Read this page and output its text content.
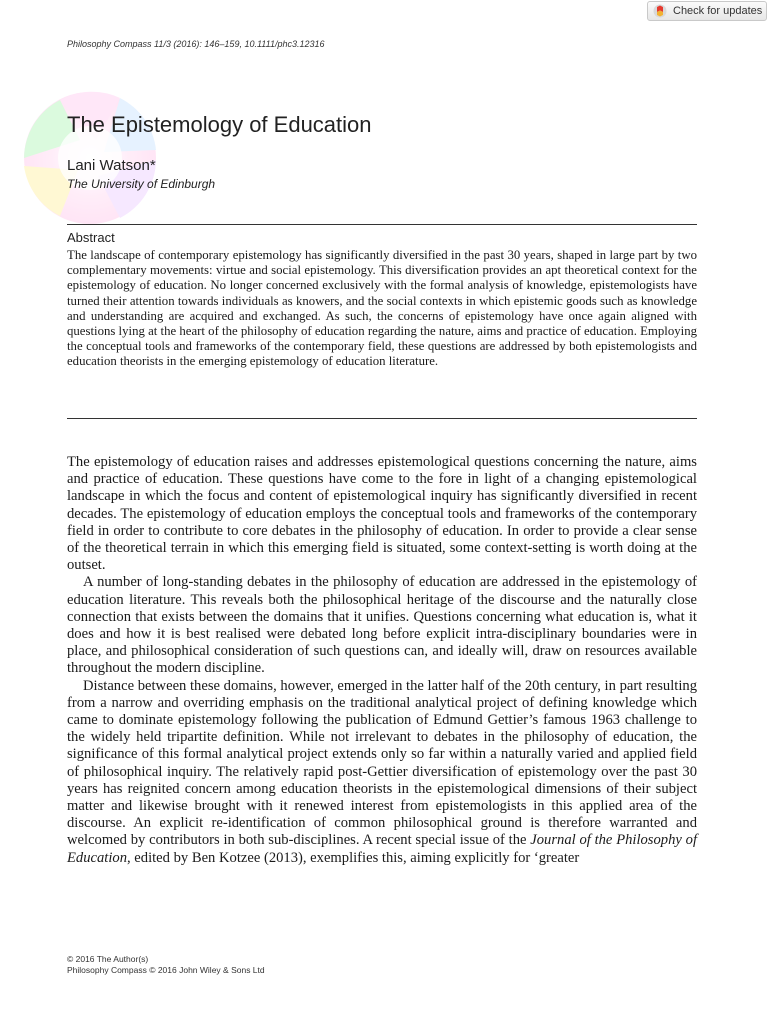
Philosophy Compass 11/3 (2016): 146–159, 10.1111/phc3.12316
Check for updates
The Epistemology of Education
Lani Watson*
The University of Edinburgh
Abstract

The landscape of contemporary epistemology has significantly diversified in the past 30 years, shaped in large part by two complementary movements: virtue and social epistemology. This diversification provides an apt theoretical context for the epistemology of education. No longer concerned exclusively with the formal analysis of knowledge, epistemologists have turned their attention towards individuals as knowers, and the social contexts in which epistemic goods such as knowledge and understanding are acquired and exchanged. As such, the concerns of epistemology have once again aligned with questions lying at the heart of the philosophy of education regarding the nature, aims and practice of education. Employing the conceptual tools and frameworks of the contemporary field, these questions are addressed by both epistemologists and education theorists in the emerging epistemology of education literature.

The epistemology of education raises and addresses epistemological questions concerning the nature, aims and practice of education. These questions have come to the fore in light of a changing epistemological landscape in which the focus and content of epistemological inquiry has significantly diversified in recent decades. The epistemology of education employs the conceptual tools and frameworks of the contemporary field in order to contribute to core debates in the philosophy of education. In order to provide a clear sense of the theoretical terrain in which this emerging field is situated, some context-setting is worth doing at the outset.

A number of long-standing debates in the philosophy of education are addressed in the epistemology of education literature. This reveals both the philosophical heritage of the discourse and the naturally close connection that exists between the domains that it unifies. Questions concerning what education is, what it does and how it is best realised were debated long before explicit intra-disciplinary boundaries were in place, and philosophical consideration of such questions can, and ideally will, draw on resources available throughout the modern discipline.

Distance between these domains, however, emerged in the latter half of the 20th century, in part resulting from a narrow and overriding emphasis on the traditional analytical project of defining knowledge which came to dominate epistemology following the publication of Edmund Gettier’s famous 1963 challenge to the widely held tripartite definition. While not irrelevant to debates in the philosophy of education, the significance of this formal analytical project extends only so far within a naturally varied and applied field of philosophical inquiry. The relatively rapid post-Gettier diversification of epistemology over the past 30 years has reignited concern among education theorists in the epistemological dimensions of their subject matter and likewise brought with it renewed interest from epistemologists in this applied area of the discourse. An explicit re-identification of common philosophical ground is therefore warranted and welcomed by contributors in both sub-disciplines. A recent special issue of the Journal of the Philosophy of Education, edited by Ben Kotzee (2013), exemplifies this, aiming explicitly for ‘greater

© 2016 The Author(s)
Philosophy Compass © 2016 John Wiley & Sons Ltd
